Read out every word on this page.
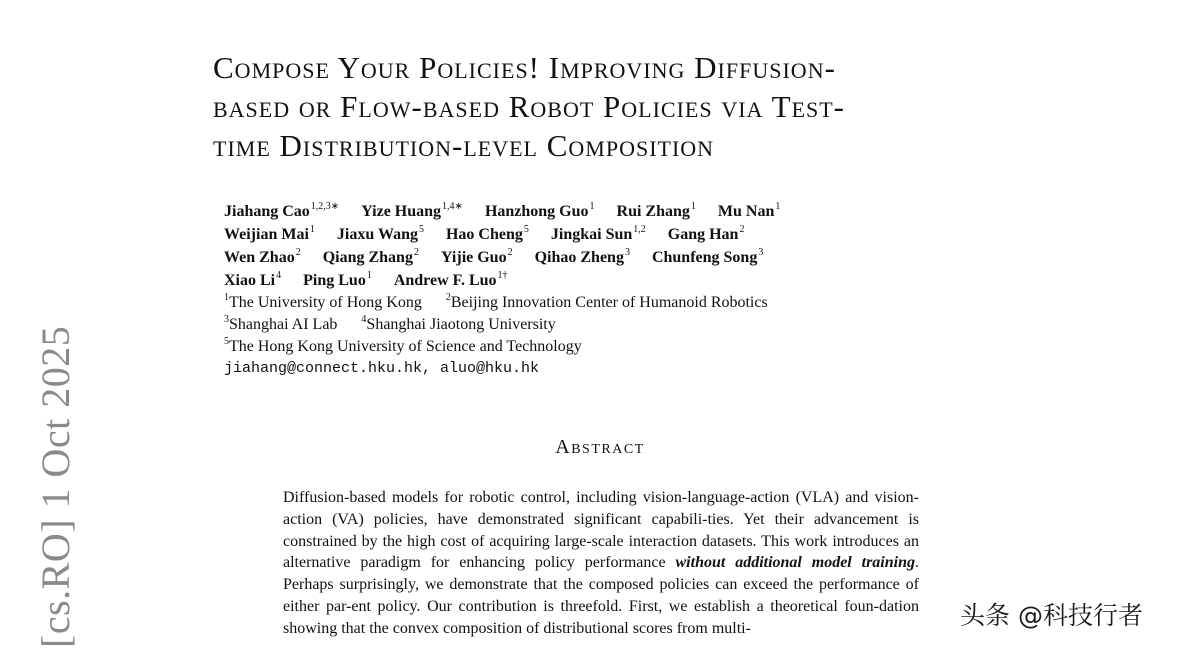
[cs.RO] 1 Oct 2025
Compose Your Policies! Improving Diffusion-
based or Flow-based Robot Policies via Test-
time Distribution-level Composition
Jiahang Cao$^{1,2,3∗}$ Yize Huang$^{1,4∗}$ Hanzhong Guo$^1$ Rui Zhang$^1$ Mu Nan$^1$
Weijian Mai$^1$ Jiaxu Wang$^5$ Hao Cheng$^5$ Jingkai Sun$^{1,2}$ Gang Han$^2$
Wen Zhao$^2$ Qiang Zhang$^2$ Yijie Guo$^2$ Qihao Zheng$^3$ Chunfeng Song$^3$
Xiao Li$^4$ Ping Luo$^1$ Andrew F. Luo$^{1\dagger}$
$^1$The University of Hong Kong $^2$Beijing Innovation Center of Humanoid Robotics
$^3$Shanghai AI Lab $^4$Shanghai Jiaotong University
$^5$The Hong Kong University of Science and Technology
jiahang@connect.hku.hk, aluo@hku.hk
Abstract

Diffusion-based models for robotic control, including vision-language-action (VLA) and vision-action (VA) policies, have demonstrated significant capabili-ties. Yet their advancement is constrained by the high cost of acquiring large-scale interaction datasets. This work introduces an alternative paradigm for enhancing policy performance without additional model training. Perhaps surprisingly, we demonstrate that the composed policies can exceed the performance of either par-ent policy. Our contribution is threefold. First, we establish a theoretical foun-dation showing that the convex composition of distributional scores from multi-	头条 @科技行者
